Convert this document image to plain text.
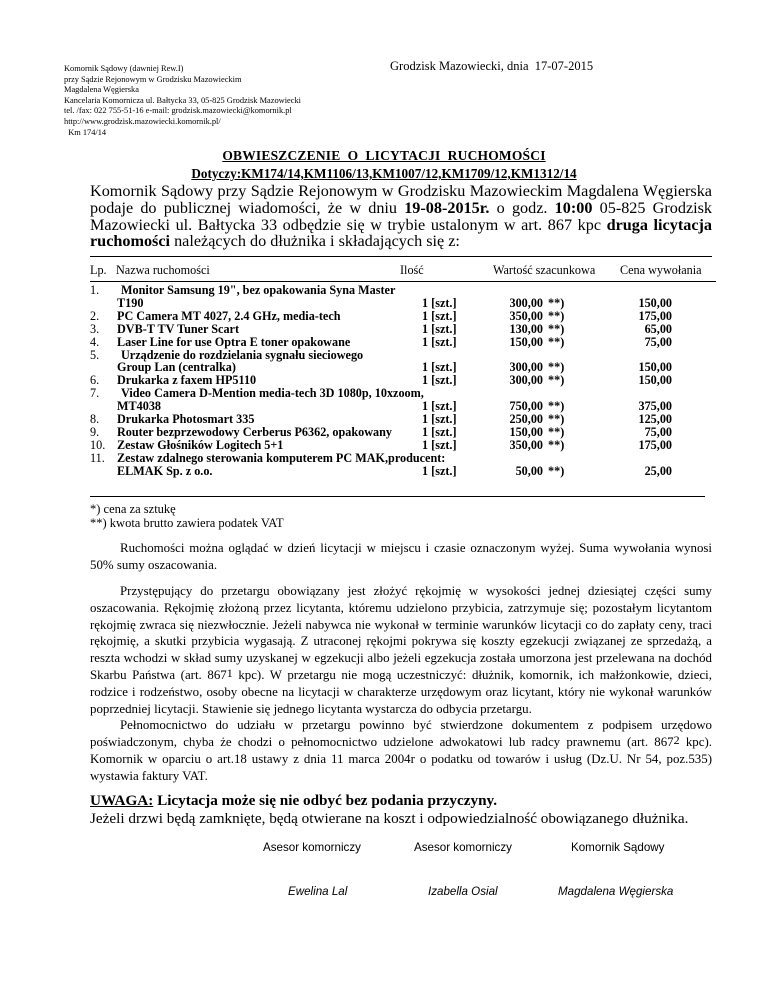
Komornik Sądowy (dawniej Rew.I)
przy Sądzie Rejonowym w Grodzisku Mazowieckim
Magdalena Węgierska
Kancelaria Komornicza ul. Bałtycka 33, 05-825 Grodzisk Mazowiecki
tel. /fax: 022 755-51-16 e-mail: grodzisk.mazowiecki@komornik.pl
http://www.grodzisk.mazowiecki.komornik.pl/
Km 174/14
Grodzisk Mazowiecki, dnia  17-07-2015
OBWIESZCZENIE  O  LICYTACJI  RUCHOMOŚCI
Dotyczy:KM174/14,KM1106/13,KM1007/12,KM1709/12,KM1312/14
Komornik Sądowy przy Sądzie Rejonowym w Grodzisku Mazowieckim Magdalena Węgierska podaje do publicznej wiadomości, że w dniu 19-08-2015r. o godz. 10:00 05-825 Grodzisk Mazowiecki ul. Bałtycka 33 odbędzie się w trybie ustalonym w art. 867 kpc druga licytacja ruchomości należących do dłużnika i składających się z:
Lp. Nazwa ruchomości	Ilość	Wartość szacunkowa Cena wywołania
1. Monitor Samsung 19", bez opakowania Syna Master
T190	1 [szt.]	300,00 **)	150,00
2. PC Camera MT 4027, 2.4 GHz, media-tech	1 [szt.]	350,00 **)	175,00
3. DVB-T TV Tuner Scart	1 [szt.]	130,00 **)	65,00
4. Laser Line for use Optra E toner opakowane	1 [szt.]	150,00 **)	75,00
5. Urządzenie do rozdzielania sygnału sieciowego
Group Lan (centralka)	1 [szt.]	300,00 **)	150,00
6. Drukarka z faxem HP5110	1 [szt.]	300,00 **)	150,00
7. Video Camera D-Mention media-tech 3D 1080p, 10xzoom,
MT4038	1 [szt.]	750,00 **)	375,00
8. Drukarka Photosmart 335	1 [szt.]	250,00 **)	125,00
9. Router bezprzewodowy Cerberus P6362, opakowany 1 [szt.]	150,00 **)	75,00
10. Zestaw Głośników Logitech 5+1	1 [szt.]	350,00 **)	175,00
11. Zestaw zdalnego sterowania komputerem PC MAK,producent:
ELMAK Sp. z o.o.	1 [szt.]	50,00 **)	25,00
*) cena za sztukę
**) kwota brutto zawiera podatek VAT

Ruchomości można oglądać w dzień licytacji w miejscu i czasie oznaczonym wyżej. Suma wywołania wynosi 50% sumy oszacowania.

Przystępujący do przetargu obowiązany jest złożyć rękojmię w wysokości jednej dziesiątej części sumy oszacowania. Rękojmię złożoną przez licytanta, któremu udzielono przybicia, zatrzymuje się; pozostałym licytantom rękojmię zwraca się niezwłocznie. Jeżeli nabywca nie wykonał w terminie warunków licytacji co do zapłaty ceny, traci rękojmię, a skutki przybicia wygasają. Z utraconej rękojmi pokrywa się koszty egzekucji związanej ze sprzedażą, a reszta wchodzi w skład sumy uzyskanej w egzekucji albo jeżeli egzekucja została umorzona jest przelewana na dochód Skarbu Państwa (art. $867^1$ kpc). W przetargu nie mogą uczestniczyć: dłużnik, komornik, ich małżonkowie, dzieci, rodzice i rodzeństwo, osoby obecne na licytacji w charakterze urzędowym oraz licytant, który nie wykonał warunków poprzedniej licytacji. Stawienie się jednego licytanta wystarcza do odbycia przetargu.

Pełnomocnictwo do udziału w przetargu powinno być stwierdzone dokumentem z podpisem urzędowo poświadczonym, chyba że chodzi o pełnomocnictwo udzielone adwokatowi lub radcy prawnemu (art. $867^2$ kpc). Komornik w oparciu o art.18 ustawy z dnia 11 marca 2004r o podatku od towarów i usług (Dz.U. Nr 54, poz.535) wystawia faktury VAT.

UWAGA: Licytacja może się nie odbyć bez podania przyczyny.
Jeżeli drzwi będą zamknięte, będą otwierane na koszt i odpowiedzialność obowiązanego dłużnika.
Asesor komorniczy	Asesor komorniczy	Komornik Sądowy
Ewelina Lal	Izabella Osial	Magdalena Węgierska
